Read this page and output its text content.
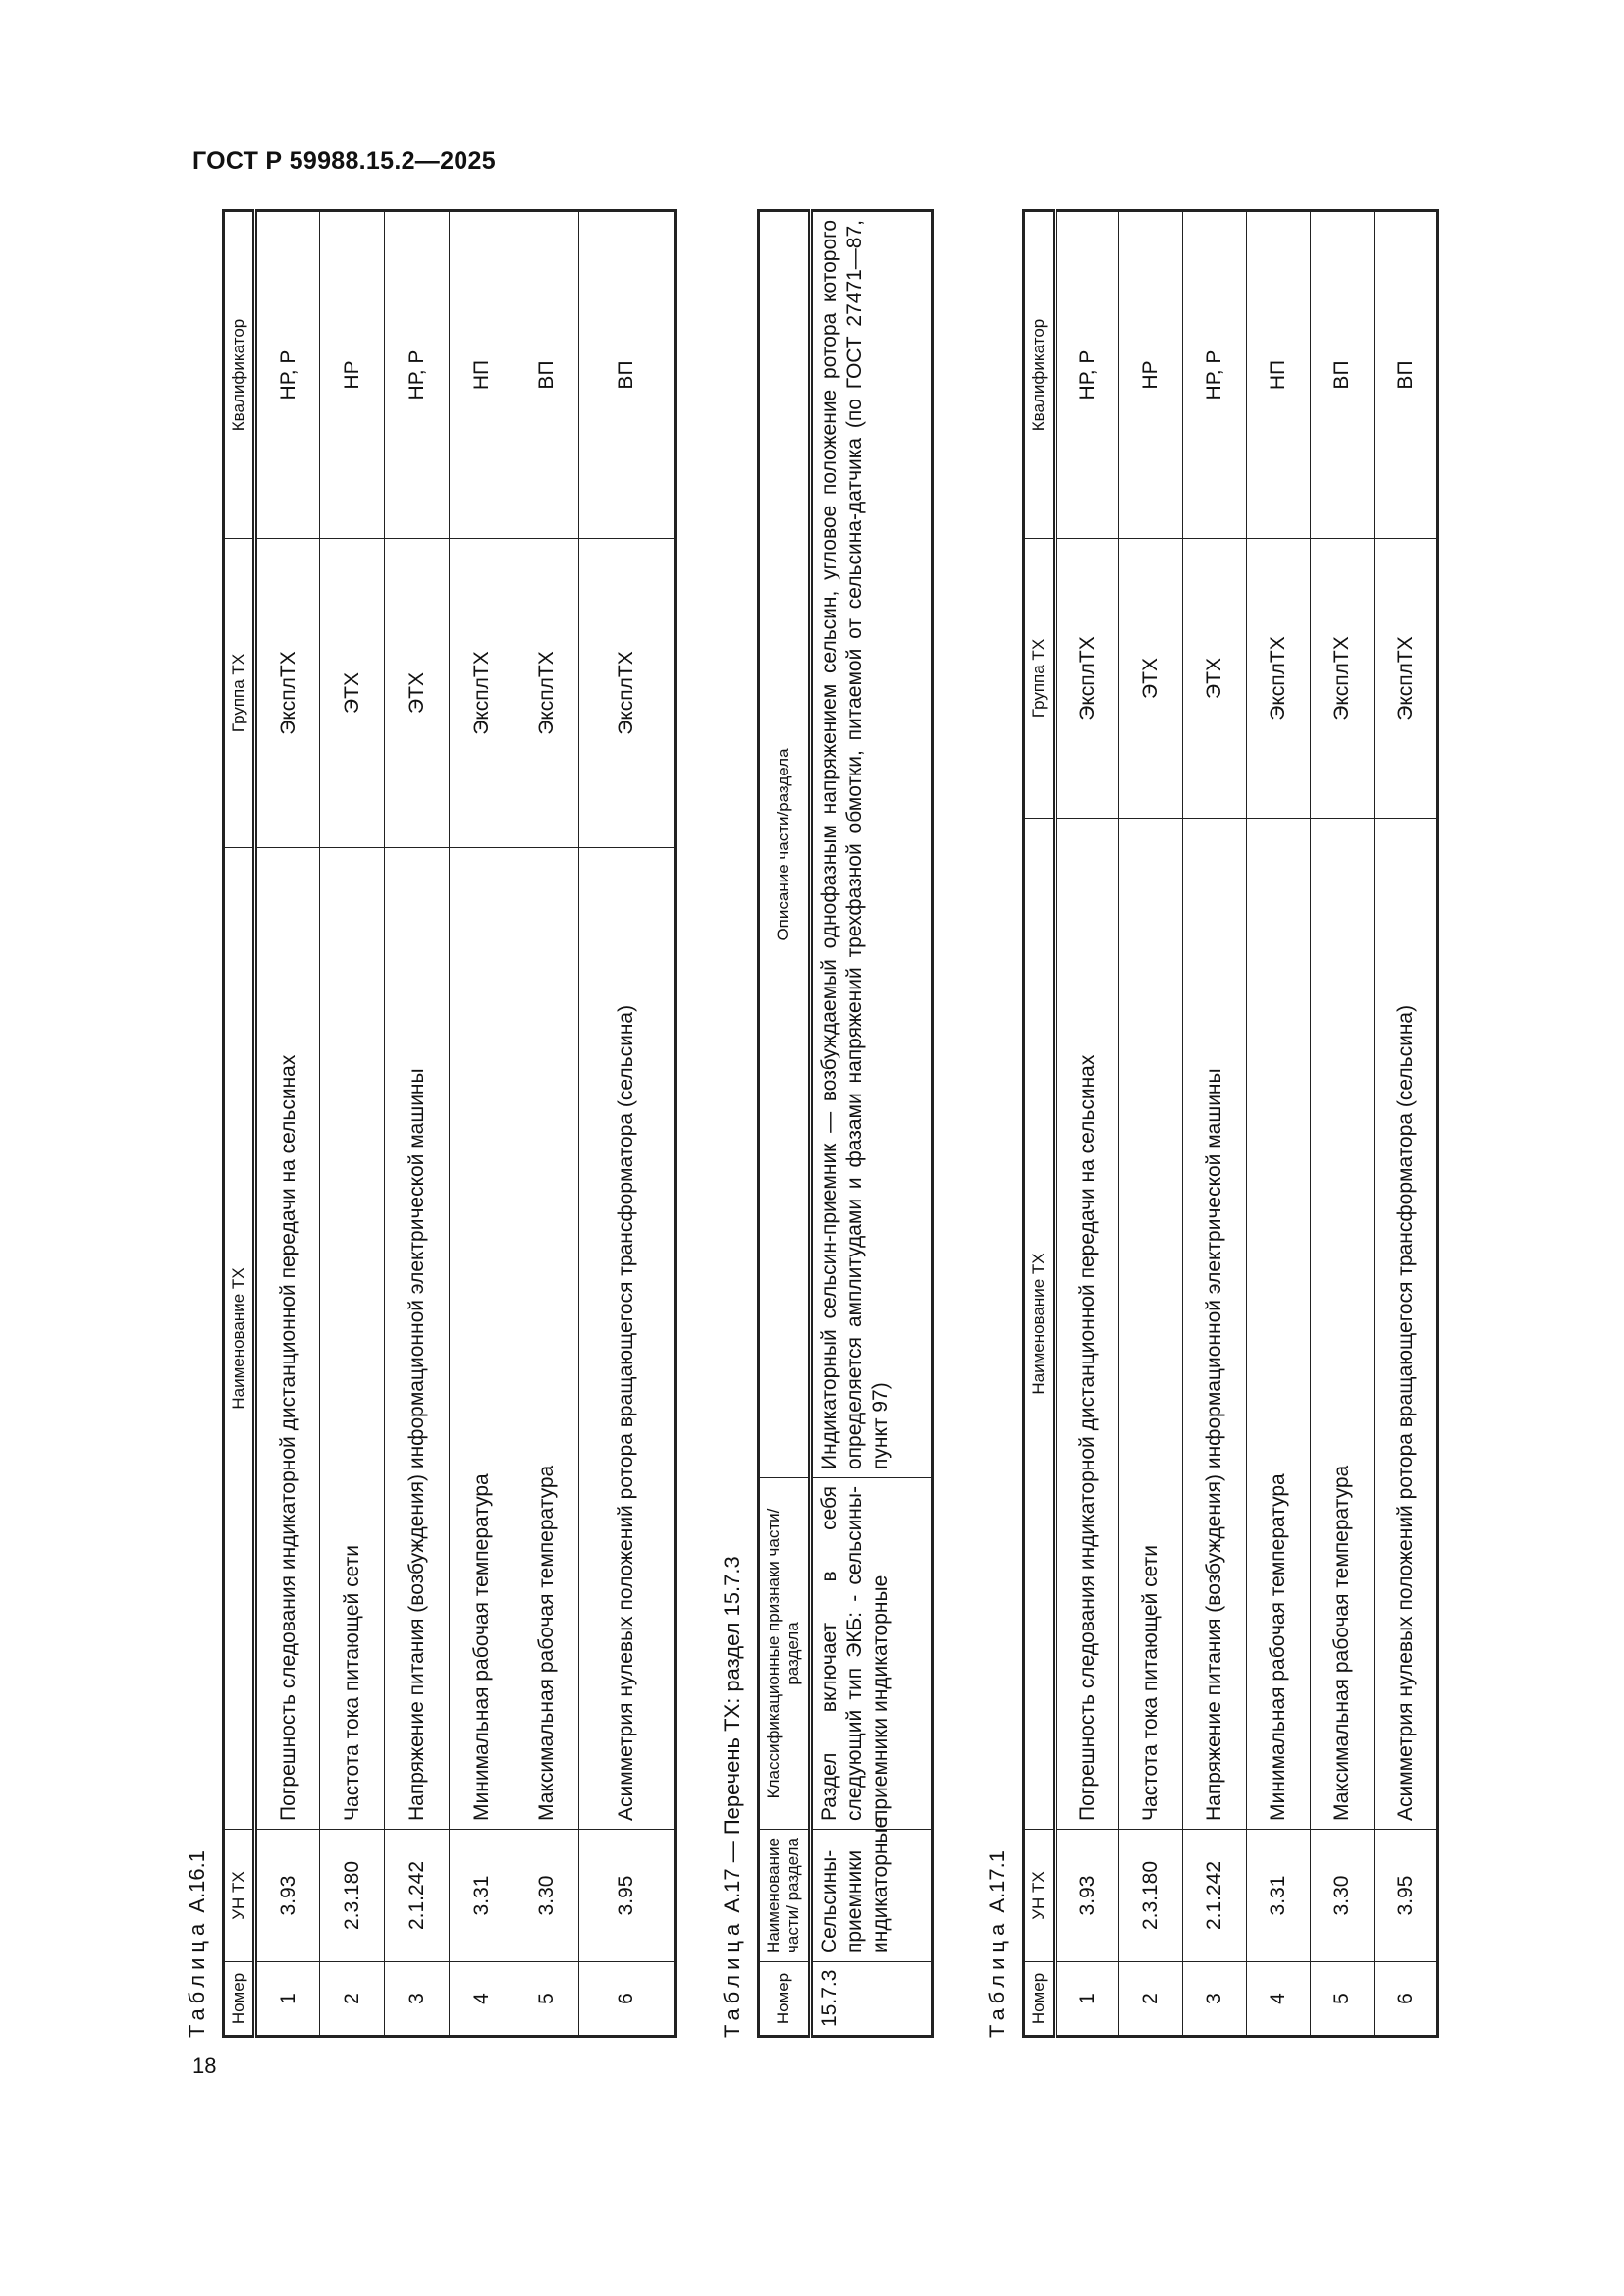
ГОСТ Р 59988.15.2—2025
18
Таблица А.16.1
Номер	УН ТХ	Наименование ТХ	Группа ТХ	Квалификатор
1	3.93	Погрешность следования индикаторной дистанционной передачи на сельсинах	ЭксплТХ	НР, Р
2	2.3.180	Частота тока питающей сети	ЭТХ	НР
3	2.1.242	Напряжение питания (возбуждения) информационной электрической машины	ЭТХ	НР, Р
4	3.31	Минимальная рабочая температура	ЭксплТХ	НП
5	3.30	Максимальная рабочая температура	ЭксплТХ	ВП
6	3.95	Асимметрия нулевых положений ротора вращающегося трансформатора (сельсина)	ЭксплТХ	ВП
Таблица А.17 — Перечень ТХ: раздел 15.7.3
Номер	Наименование части/ раздела	Классификационные признаки части/ раздела	Описание части/раздела
15.7.3	Сельсины-приемники индикаторные	Раздел включает в себя следующий тип ЭКБ: - сельсины-приемники индикаторные	Индикаторный сельсин-приемник — возбуждаемый однофазным напряжением сельсин, угловое положение ротора которого определяется амплитудами и фазами напряжений трехфазной обмотки, питаемой от сельсина-датчика (по ГОСТ 27471—87, пункт 97)
Таблица А.17.1
Номер	УН ТХ	Наименование ТХ	Группа ТХ	Квалификатор
1	3.93	Погрешность следования индикаторной дистанционной передачи на сельсинах	ЭксплТХ	НР, Р
2	2.3.180	Частота тока питающей сети	ЭТХ	НР
3	2.1.242	Напряжение питания (возбуждения) информационной электрической машины	ЭТХ	НР, Р
4	3.31	Минимальная рабочая температура	ЭксплТХ	НП
5	3.30	Максимальная рабочая температура	ЭксплТХ	ВП
6	3.95	Асимметрия нулевых положений ротора вращающегося трансформатора (сельсина)	ЭксплТХ	ВП
